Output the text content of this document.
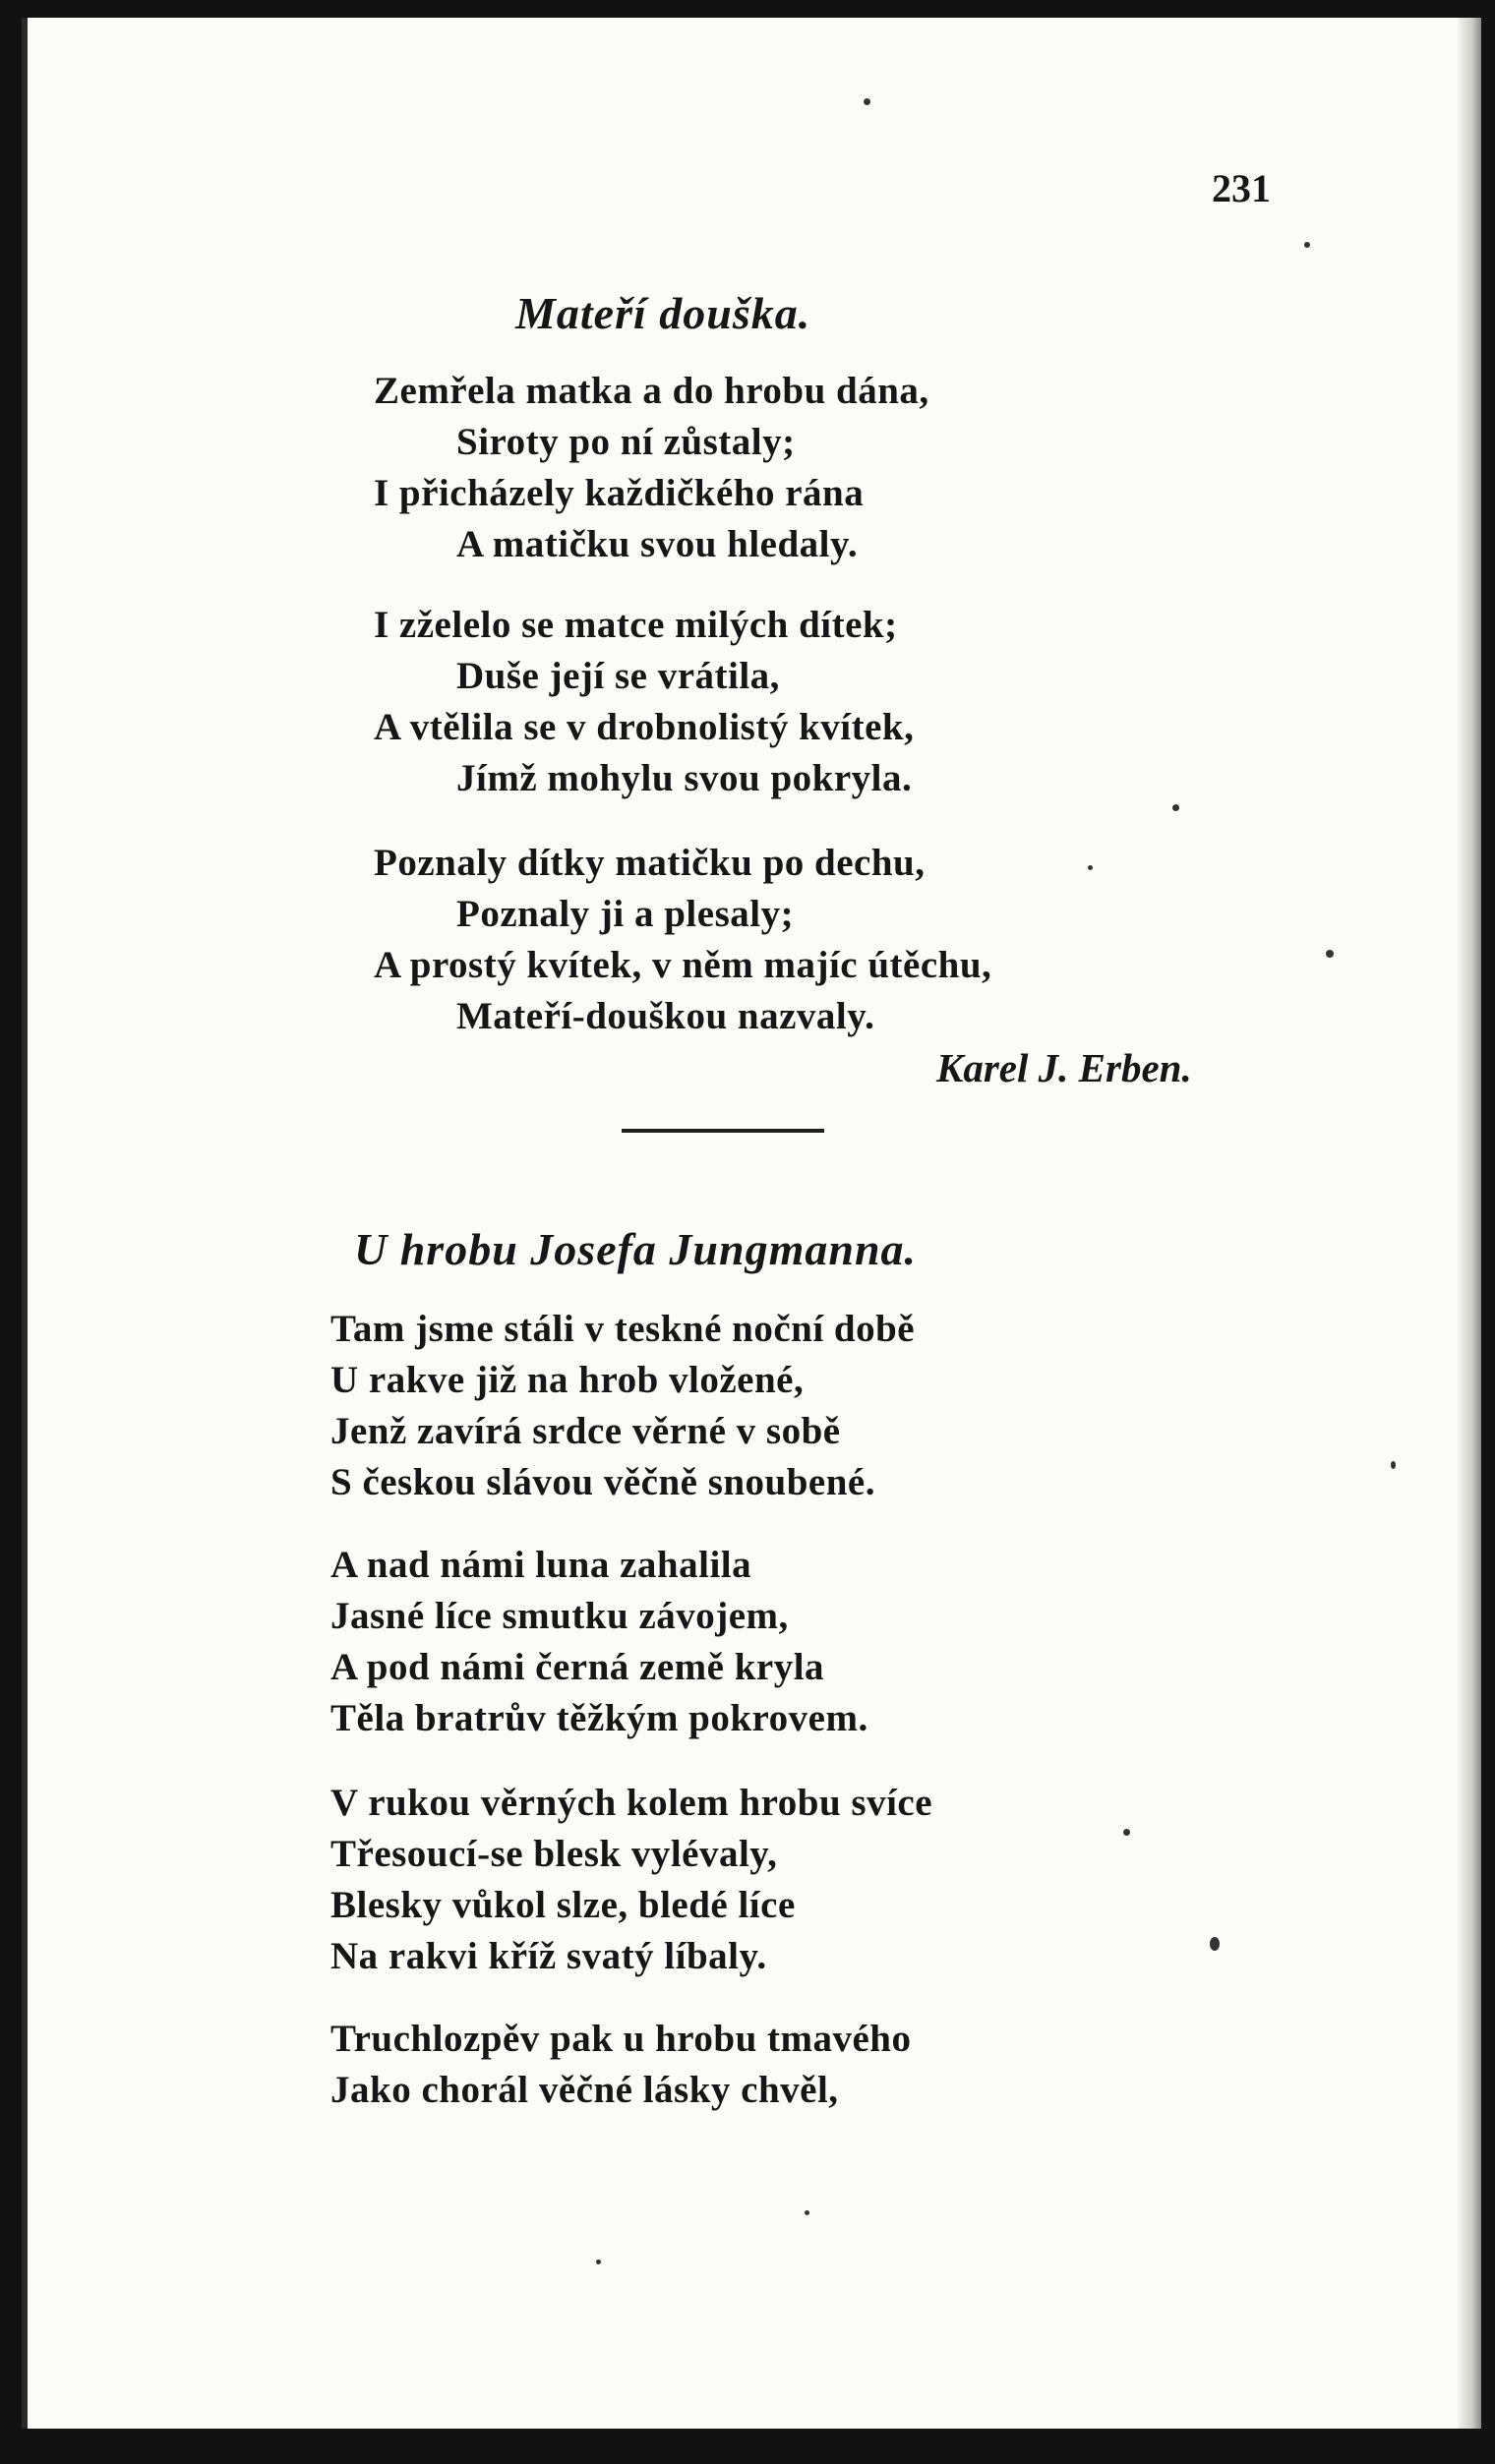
231
Mateří douška.
Zemřela matka a do hrobu dána,
Siroty po ní zůstaly;
I přicházely každičkého rána
A matičku svou hledaly.
I zželelo se matce milých dítek;
Duše její se vrátila,
A vtělila se v drobnolistý kvítek,
Jímž mohylu svou pokryla.
Poznaly dítky matičku po dechu,
Poznaly ji a plesaly;
A prostý kvítek, v něm majíc útěchu,
Mateří-douškou nazvaly.
Karel J. Erben.
U hrobu Josefa Jungmanna.
Tam jsme stáli v teskné noční době
U rakve již na hrob vložené,
Jenž zavírá srdce věrné v sobě
S českou slávou věčně snoubené.
A nad námi luna zahalila
Jasné líce smutku závojem,
A pod námi černá země kryla
Těla bratrův těžkým pokrovem.
V rukou věrných kolem hrobu svíce
Třesoucí-se blesk vylévaly,
Blesky vůkol slze, bledé líce
Na rakvi kříž svatý líbaly.
Truchlozpěv pak u hrobu tmavého
Jako chorál věčné lásky chvěl,
